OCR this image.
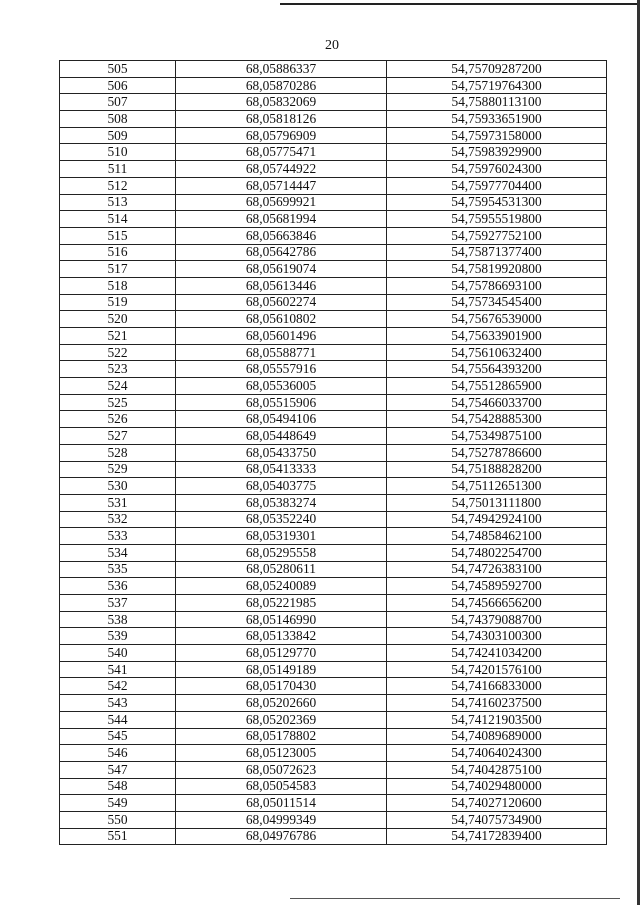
20
505	68,05886337	54,75709287200
506	68,05870286	54,75719764300
507	68,05832069	54,75880113100
508	68,05818126	54,75933651900
509	68,05796909	54,75973158000
510	68,05775471	54,75983929900
511	68,05744922	54,75976024300
512	68,05714447	54,75977704400
513	68,05699921	54,75954531300
514	68,05681994	54,75955519800
515	68,05663846	54,75927752100
516	68,05642786	54,75871377400
517	68,05619074	54,75819920800
518	68,05613446	54,75786693100
519	68,05602274	54,75734545400
520	68,05610802	54,75676539000
521	68,05601496	54,75633901900
522	68,05588771	54,75610632400
523	68,05557916	54,75564393200
524	68,05536005	54,75512865900
525	68,05515906	54,75466033700
526	68,05494106	54,75428885300
527	68,05448649	54,75349875100
528	68,05433750	54,75278786600
529	68,05413333	54,75188828200
530	68,05403775	54,75112651300
531	68,05383274	54,75013111800
532	68,05352240	54,74942924100
533	68,05319301	54,74858462100
534	68,05295558	54,74802254700
535	68,05280611	54,74726383100
536	68,05240089	54,74589592700
537	68,05221985	54,74566656200
538	68,05146990	54,74379088700
539	68,05133842	54,74303100300
540	68,05129770	54,74241034200
541	68,05149189	54,74201576100
542	68,05170430	54,74166833000
543	68,05202660	54,74160237500
544	68,05202369	54,74121903500
545	68,05178802	54,74089689000
546	68,05123005	54,74064024300
547	68,05072623	54,74042875100
548	68,05054583	54,74029480000
549	68,05011514	54,74027120600
550	68,04999349	54,74075734900
551	68,04976786	54,74172839400
